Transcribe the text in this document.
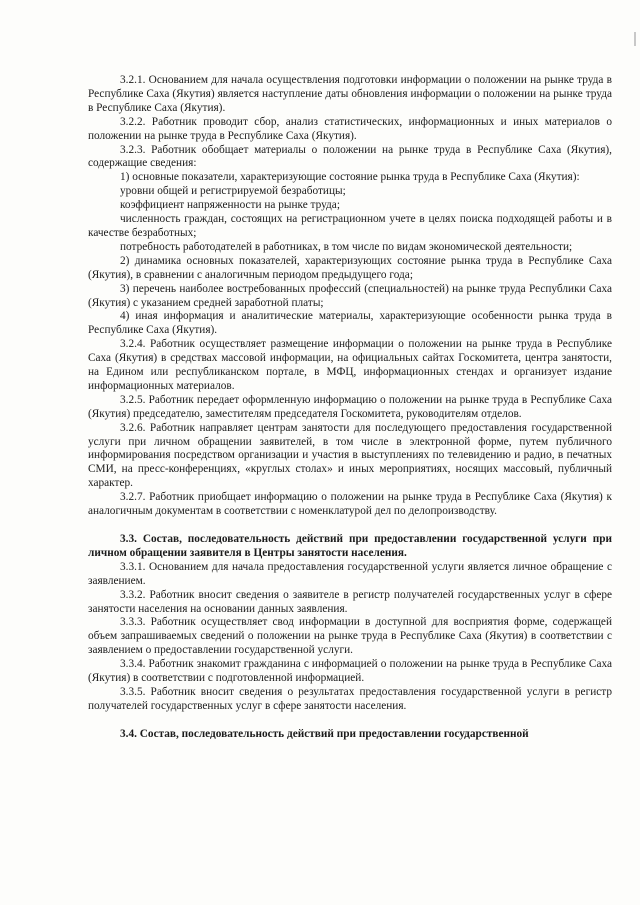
3.2.1. Основанием для начала осуществления подготовки информации о положении на рынке труда в Республике Саха (Якутия) является наступление даты обновления информации о положении на рынке труда в Республике Саха (Якутия).

3.2.2. Работник проводит сбор, анализ статистических, информационных и иных материалов о положении на рынке труда в Республике Саха (Якутия).

3.2.3. Работник обобщает материалы о положении на рынке труда в Республике Саха (Якутия), содержащие сведения:

1) основные показатели, характеризующие состояние рынка труда в Республике Саха (Якутия):

уровни общей и регистрируемой безработицы;

коэффициент напряженности на рынке труда;

численность граждан, состоящих на регистрационном учете в целях поиска подходящей работы и в качестве безработных;

потребность работодателей в работниках, в том числе по видам экономической деятельности;

2) динамика основных показателей, характеризующих состояние рынка труда в Республике Саха (Якутия), в сравнении с аналогичным периодом предыдущего года;

3) перечень наиболее востребованных профессий (специальностей) на рынке труда Республики Саха (Якутия) с указанием средней заработной платы;

4) иная информация и аналитические материалы, характеризующие особенности рынка труда в Республике Саха (Якутия).

3.2.4. Работник осуществляет размещение информации о положении на рынке труда в Республике Саха (Якутия) в средствах массовой информации, на официальных сайтах Госкомитета, центра занятости, на Едином или республиканском портале, в МФЦ, информационных стендах и организует издание информационных материалов.

3.2.5. Работник передает оформленную информацию о положении на рынке труда в Республике Саха (Якутия) председателю, заместителям председателя Госкомитета, руководителям отделов.

3.2.6. Работник направляет центрам занятости для последующего предоставления государственной услуги при личном обращении заявителей, в том числе в электронной форме, путем публичного информирования посредством организации и участия в выступлениях по телевидению и радио, в печатных СМИ, на пресс-конференциях, «круглых столах» и иных мероприятиях, носящих массовый, публичный характер.

3.2.7. Работник приобщает информацию о положении на рынке труда в Республике Саха (Якутия) к аналогичным документам в соответствии с номенклатурой дел по делопроизводству.

3.3. Состав, последовательность действий при предоставлении государственной услуги при личном обращении заявителя в Центры занятости населения.

3.3.1. Основанием для начала предоставления государственной услуги является личное обращение с заявлением.

3.3.2. Работник вносит сведения о заявителе в регистр получателей государственных услуг в сфере занятости населения на основании данных заявления.

3.3.3. Работник осуществляет свод информации в доступной для восприятия форме, содержащей объем запрашиваемых сведений о положении на рынке труда в Республике Саха (Якутия) в соответствии с заявлением о предоставлении государственной услуги.

3.3.4. Работник знакомит гражданина с информацией о положении на рынке труда в Республике Саха (Якутия) в соответствии с подготовленной информацией.

3.3.5. Работник вносит сведения о результатах предоставления государственной услуги в регистр получателей государственных услуг в сфере занятости населения.

3.4. Состав, последовательность действий при предоставлении государственной
